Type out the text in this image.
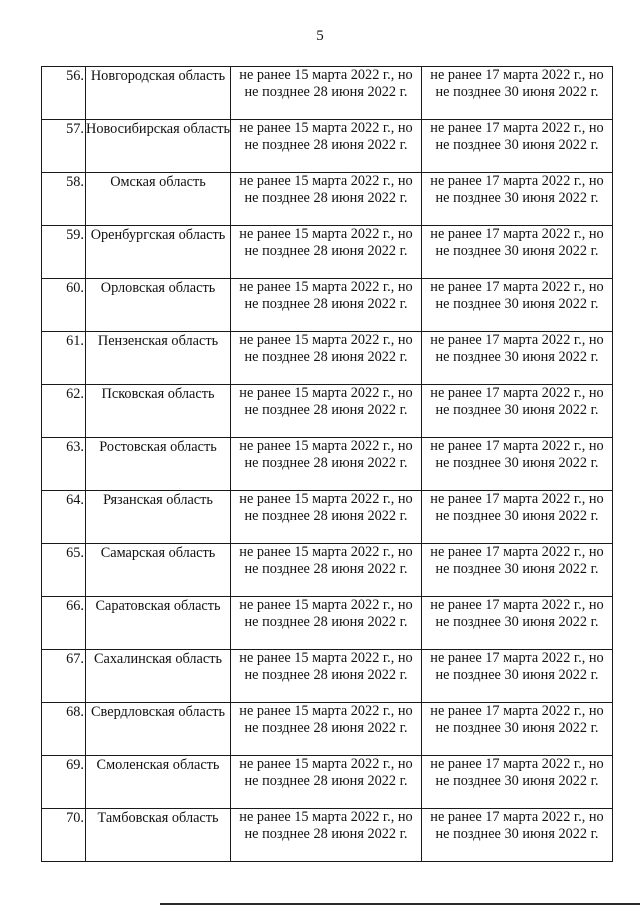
5
56.	Новгородская область	не ранее 15 марта 2022 г., но не позднее 28 июня 2022 г.	не ранее 17 марта 2022 г., но не позднее 30 июня 2022 г.
57.	Новосибирская область	не ранее 15 марта 2022 г., но не позднее 28 июня 2022 г.	не ранее 17 марта 2022 г., но не позднее 30 июня 2022 г.
58.	Омская область	не ранее 15 марта 2022 г., но не позднее 28 июня 2022 г.	не ранее 17 марта 2022 г., но не позднее 30 июня 2022 г.
59.	Оренбургская область	не ранее 15 марта 2022 г., но не позднее 28 июня 2022 г.	не ранее 17 марта 2022 г., но не позднее 30 июня 2022 г.
60.	Орловская область	не ранее 15 марта 2022 г., но не позднее 28 июня 2022 г.	не ранее 17 марта 2022 г., но не позднее 30 июня 2022 г.
61.	Пензенская область	не ранее 15 марта 2022 г., но не позднее 28 июня 2022 г.	не ранее 17 марта 2022 г., но не позднее 30 июня 2022 г.
62.	Псковская область	не ранее 15 марта 2022 г., но не позднее 28 июня 2022 г.	не ранее 17 марта 2022 г., но не позднее 30 июня 2022 г.
63.	Ростовская область	не ранее 15 марта 2022 г., но не позднее 28 июня 2022 г.	не ранее 17 марта 2022 г., но не позднее 30 июня 2022 г.
64.	Рязанская область	не ранее 15 марта 2022 г., но не позднее 28 июня 2022 г.	не ранее 17 марта 2022 г., но не позднее 30 июня 2022 г.
65.	Самарская область	не ранее 15 марта 2022 г., но не позднее 28 июня 2022 г.	не ранее 17 марта 2022 г., но не позднее 30 июня 2022 г.
66.	Саратовская область	не ранее 15 марта 2022 г., но не позднее 28 июня 2022 г.	не ранее 17 марта 2022 г., но не позднее 30 июня 2022 г.
67.	Сахалинская область	не ранее 15 марта 2022 г., но не позднее 28 июня 2022 г.	не ранее 17 марта 2022 г., но не позднее 30 июня 2022 г.
68.	Свердловская область	не ранее 15 марта 2022 г., но не позднее 28 июня 2022 г.	не ранее 17 марта 2022 г., но не позднее 30 июня 2022 г.
69.	Смоленская область	не ранее 15 марта 2022 г., но не позднее 28 июня 2022 г.	не ранее 17 марта 2022 г., но не позднее 30 июня 2022 г.
70.	Тамбовская область	не ранее 15 марта 2022 г., но не позднее 28 июня 2022 г.	не ранее 17 марта 2022 г., но не позднее 30 июня 2022 г.
